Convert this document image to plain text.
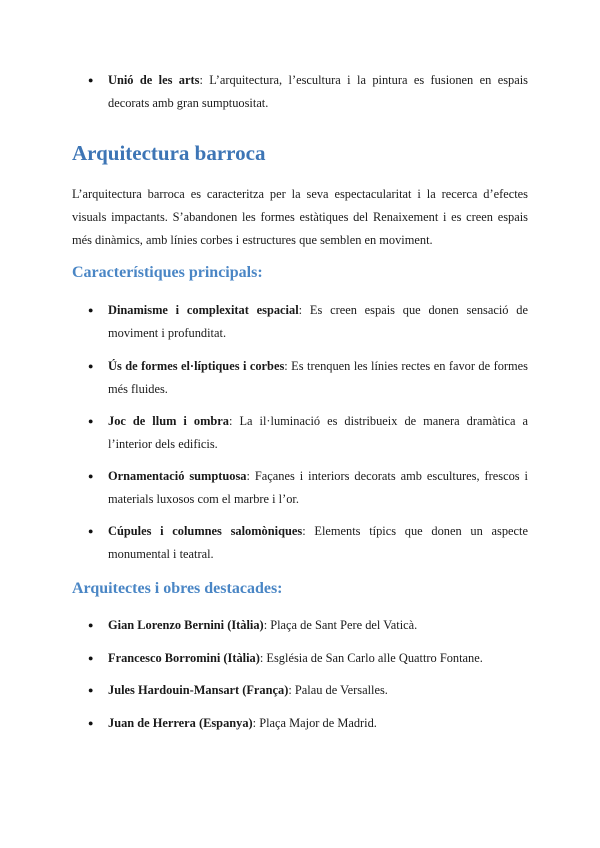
● Unió de les arts: L’arquitectura, l’escultura i la pintura es fusionen en espais decorats amb gran sumptuositat.
Arquitectura barroca

L’arquitectura barroca es caracteritza per la seva espectacularitat i la recerca d’efectes visuals impactants. S’abandonen les formes estàtiques del Renaixement i es creen espais més dinàmics, amb línies corbes i estructures que semblen en moviment.

Característiques principals:
● Dinamisme i complexitat espacial: Es creen espais que donen sensació de moviment i profunditat.
● Ús de formes el·líptiques i corbes: Es trenquen les línies rectes en favor de formes més fluides.
● Joc de llum i ombra: La il·luminació es distribueix de manera dramàtica a l’interior dels edificis.
● Ornamentació sumptuosa: Façanes i interiors decorats amb escultures, frescos i materials luxosos com el marbre i l’or.
● Cúpules i columnes salomòniques: Elements típics que donen un aspecte monumental i teatral.
Arquitectes i obres destacades:
● Gian Lorenzo Bernini (Itàlia): Plaça de Sant Pere del Vaticà.
● Francesco Borromini (Itàlia): Església de San Carlo alle Quattro Fontane.
● Jules Hardouin-Mansart (França): Palau de Versalles.
● Juan de Herrera (Espanya): Plaça Major de Madrid.
